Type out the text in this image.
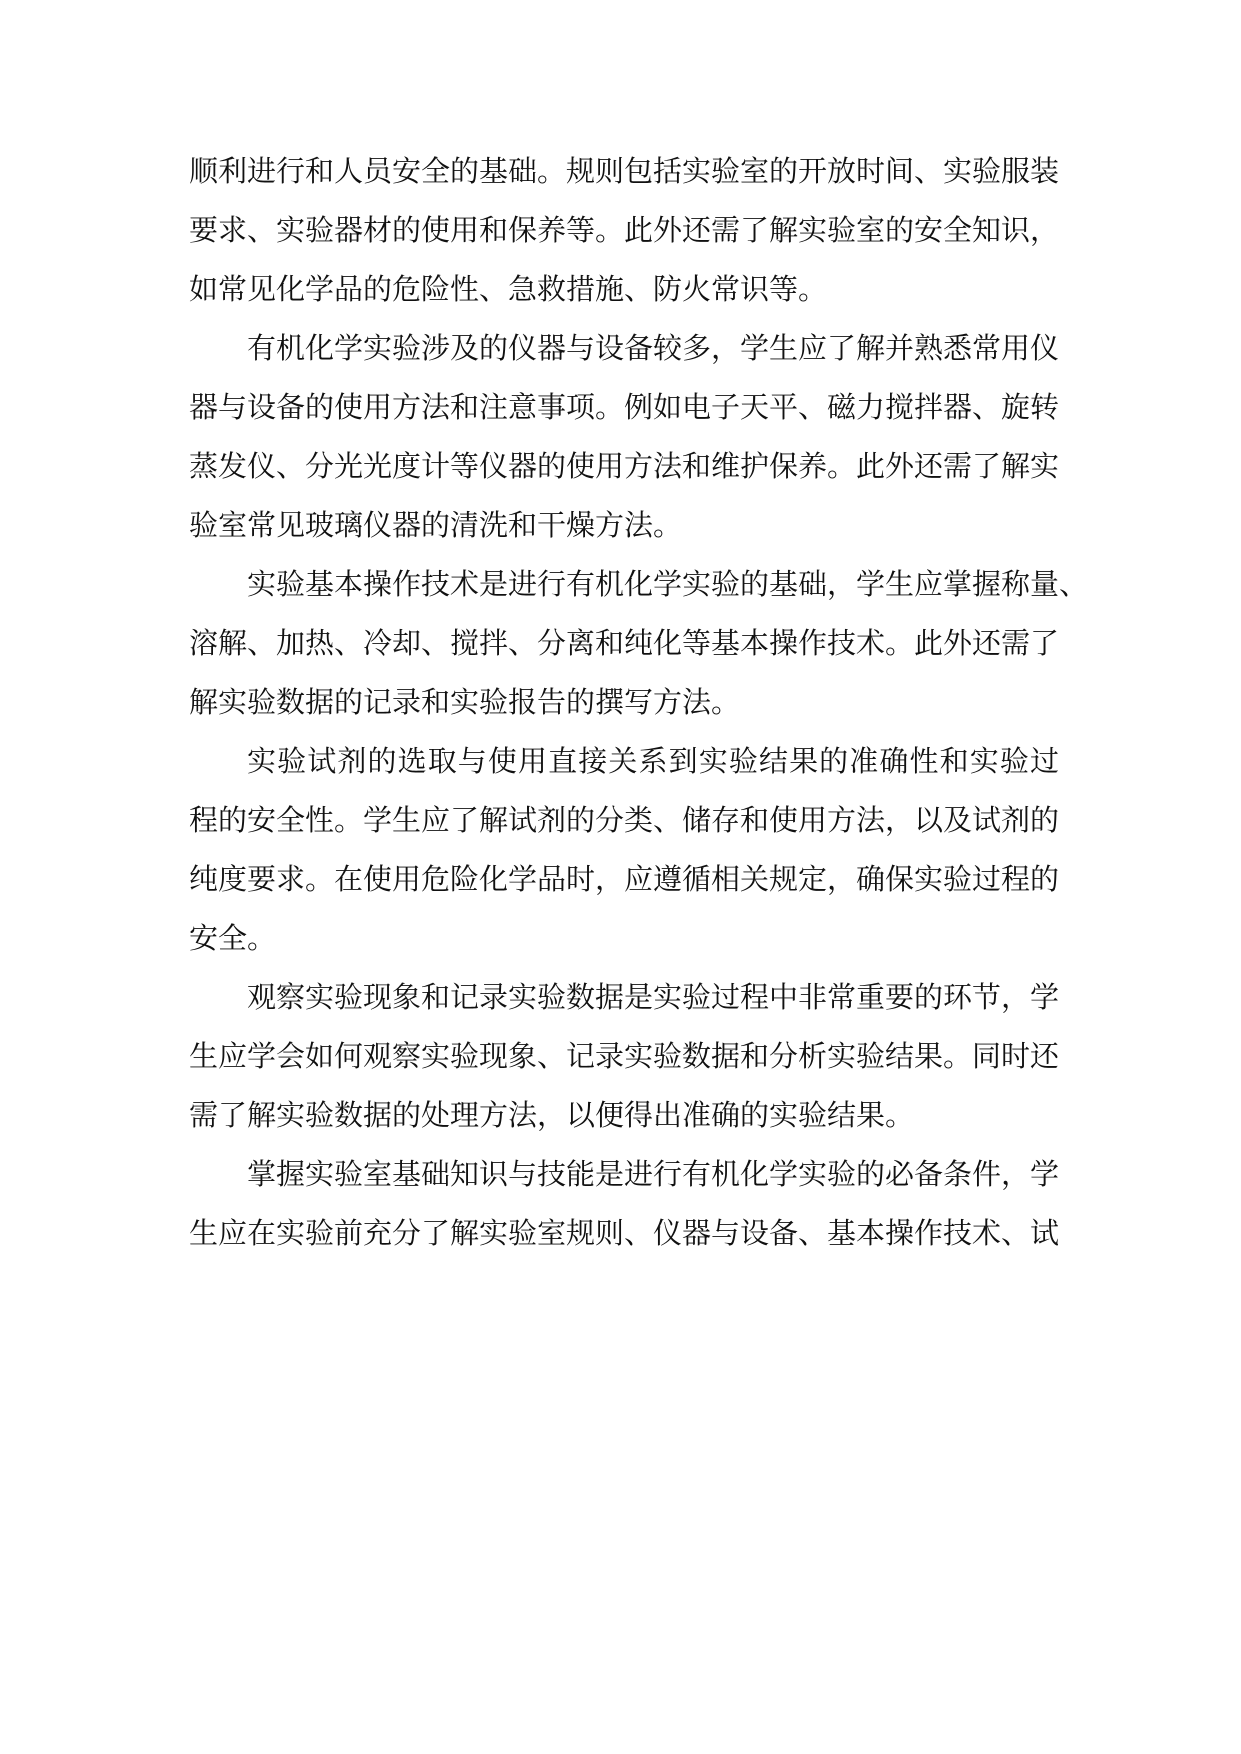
顺利进行和人员安全的基础。规则包括实验室的开放时间、实验服装
要求、实验器材的使用和保养等。此外还需了解实验室的安全知识，
如常见化学品的危险性、急救措施、防火常识等。
有机化学实验涉及的仪器与设备较多，学生应了解并熟悉常用仪
器与设备的使用方法和注意事项。例如电子天平、磁力搅拌器、旋转
蒸发仪、分光光度计等仪器的使用方法和维护保养。此外还需了解实
验室常见玻璃仪器的清洗和干燥方法。
实验基本操作技术是进行有机化学实验的基础，学生应掌握称量、
溶解、加热、冷却、搅拌、分离和纯化等基本操作技术。此外还需了
解实验数据的记录和实验报告的撰写方法。
实验试剂的选取与使用直接关系到实验结果的准确性和实验过
程的安全性。学生应了解试剂的分类、储存和使用方法，以及试剂的
纯度要求。在使用危险化学品时，应遵循相关规定，确保实验过程的
安全。
观察实验现象和记录实验数据是实验过程中非常重要的环节，学
生应学会如何观察实验现象、记录实验数据和分析实验结果。同时还
需了解实验数据的处理方法，以便得出准确的实验结果。
掌握实验室基础知识与技能是进行有机化学实验的必备条件，学
生应在实验前充分了解实验室规则、仪器与设备、基本操作技术、试
